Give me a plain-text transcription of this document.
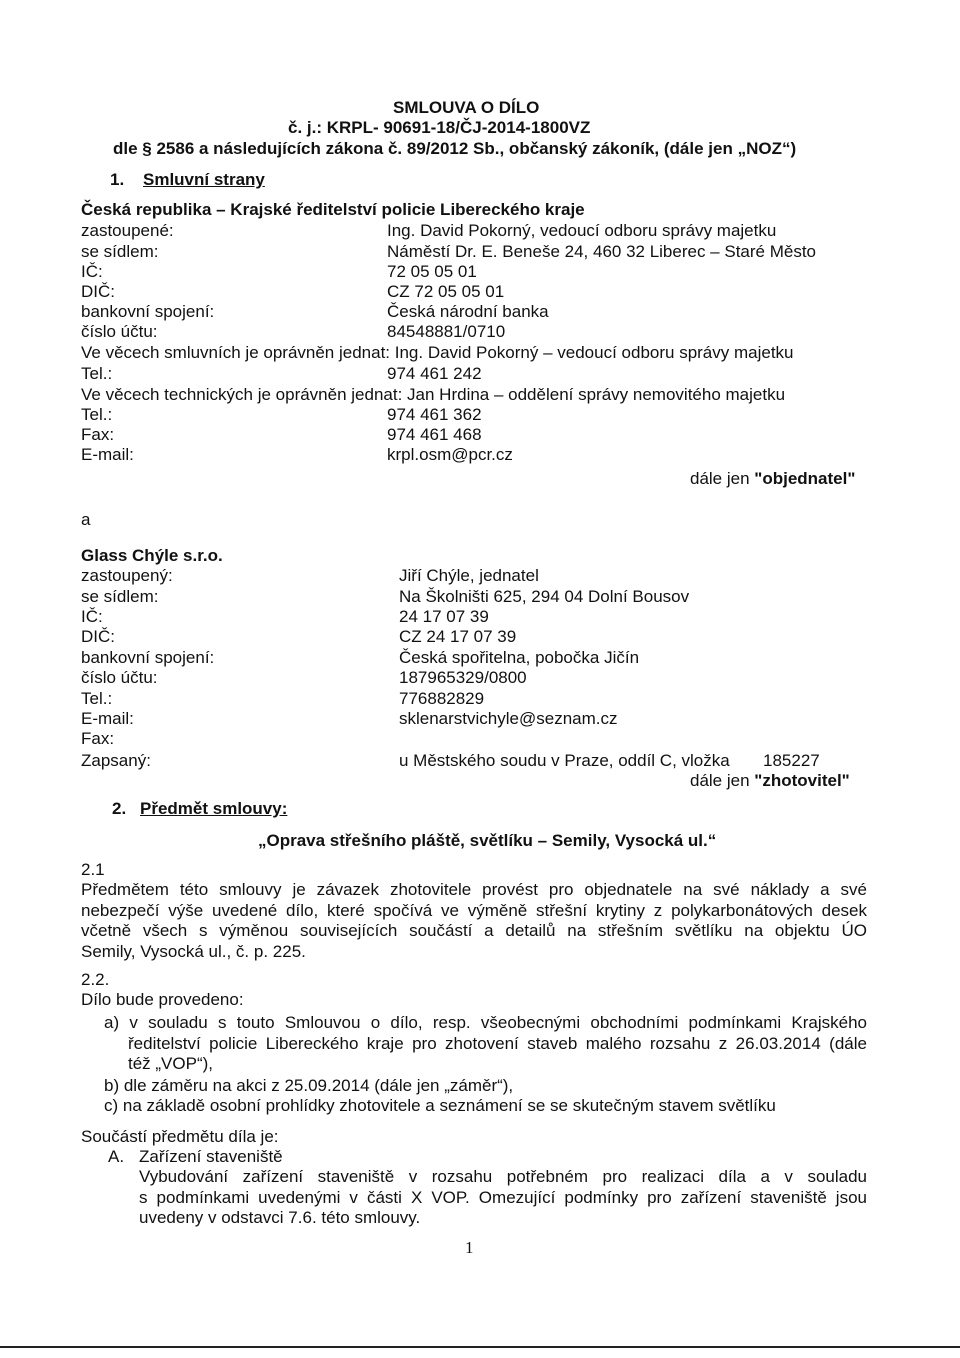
SMLOUVA O DÍLO
č. j.: KRPL- 90691-18/ČJ-2014-1800VZ
dle § 2586 a následujících zákona č. 89/2012 Sb., občanský zákoník, (dále jen „NOZ“)
1. Smluvní strany
Česká republika – Krajské ředitelství policie Libereckého kraje
zastoupené:	Ing. David Pokorný, vedoucí odboru správy majetku
se sídlem:	Náměstí Dr. E. Beneše 24, 460 32 Liberec – Staré Město
IČ:	72 05 05 01
DIČ:	CZ 72 05 05 01
bankovní spojení:	Česká národní banka
číslo účtu:	84548881/0710
Ve věcech smluvních je oprávněn jednat: Ing. David Pokorný – vedoucí odboru správy majetku
Tel.:	974 461 242
Ve věcech technických je oprávněn jednat: Jan Hrdina – oddělení správy nemovitého majetku
Tel.:	974 461 362
Fax:	974 461 468
E-mail:	krpl.osm@pcr.cz
dále jen "objednatel"
a
Glass Chýle s.r.o.
zastoupený:	Jiří Chýle, jednatel
se sídlem:	Na Školništi 625, 294 04 Dolní Bousov
IČ:	24 17 07 39
DIČ:	CZ 24 17 07 39
bankovní spojení:	Česká spořitelna, pobočka Jičín
číslo účtu:	187965329/0800
Tel.:	776882829
E-mail:	sklenarstvichyle@seznam.cz
Fax:
Zapsaný:	u Městského soudu v Praze, oddíl C, vložka 185227
dále jen "zhotovitel"
2. Předmět smlouvy:
„Oprava střešního pláště, světlíku – Semily, Vysocká ul.“
2.1
Předmětem této smlouvy je závazek zhotovitele provést pro objednatele na své náklady a své
nebezpečí výše uvedené dílo, které spočívá ve výměně střešní krytiny z polykarbonátových desek
včetně všech s výměnou souvisejících součástí a detailů na střešním světlíku na objektu ÚO
Semily, Vysocká ul., č. p. 225.
2.2.
Dílo bude provedeno:
a) v souladu s touto Smlouvou o dílo, resp. všeobecnými obchodními podmínkami Krajského
ředitelství policie Libereckého kraje pro zhotovení staveb malého rozsahu z 26.03.2014 (dále
též „VOP“),
b) dle záměru na akci z 25.09.2014 (dále jen „záměr“),
c) na základě osobní prohlídky zhotovitele a seznámení se se skutečným stavem světlíku
Součástí předmětu díla je:
A. Zařízení staveniště
Vybudování zařízení staveniště v rozsahu potřebném pro realizaci díla a v souladu
s podmínkami uvedenými v části X VOP. Omezující podmínky pro zařízení staveniště jsou
uvedeny v odstavci 7.6. této smlouvy.
1
